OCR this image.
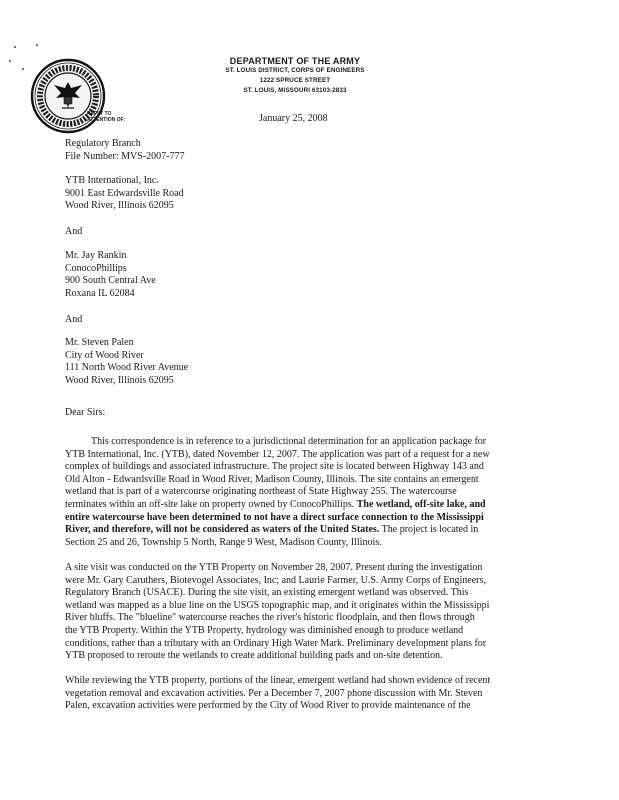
DEPARTMENT OF THE ARMY
ST. LOUIS DISTRICT, CORPS OF ENGINEERS
1222 SPRUCE STREET
ST. LOUIS, MISSOURI 63103-2833
REPLY TO
ATTENTION OF:	January 25, 2008
Regulatory Branch
File Number: MVS-2007-777
YTB International, Inc.
9001 East Edwardsville Road
Wood River, Illinois 62095
And
Mr. Jay Rankin
ConocoPhillips
900 South Central Ave
Roxana IL 62084
And
Mr. Steven Palen
City of Wood River
111 North Wood River Avenue
Wood River, Illinois 62095
Dear Sirs:
This correspondence is in reference to a jurisdictional determination for an application package for
YTB International, Inc. (YTB), dated November 12, 2007. The application was part of a request for a new
complex of buildings and associated infrastructure. The project site is located between Highway 143 and
Old Alton - Edwardsville Road in Wood River, Madison County, Illinois. The site contains an emergent
wetland that is part of a watercourse originating northeast of State Highway 255. The watercourse
terminates within an off-site lake on property owned by ConocoPhillips. The wetland, off-site lake, and
entire watercourse have been determined to not have a direct surface connection to the Mississippi
River, and therefore, will not be considered as waters of the United States. The project is located in
Section 25 and 26, Township 5 North, Range 9 West, Madison County, Illinois.
A site visit was conducted on the YTB Property on November 28, 2007. Present during the investigation
were Mr. Gary Caruthers, Biotevogel Associates, Inc; and Laurie Farmer, U.S. Army Corps of Engineers,
Regulatory Branch (USACE). During the site visit, an existing emergent wetland was observed. This
wetland was mapped as a blue line on the USGS topographic map, and it originates within the Mississippi
River bluffs. The "blueline" watercourse reaches the river's historic floodplain, and then flows through
the YTB Property. Within the YTB Property, hydrology was diminished enough to produce wetland
conditions, rather than a tributary with an Ordinary High Water Mark. Preliminary development plans for
YTB proposed to reroute the wetlands to create additional building pads and on-site detention.
While reviewing the YTB property, portions of the linear, emergent wetland had shown evidence of recent
vegetation removal and excavation activities. Per a December 7, 2007 phone discussion with Mr. Steven
Palen, excavation activities were performed by the City of Wood River to provide maintenance of the
